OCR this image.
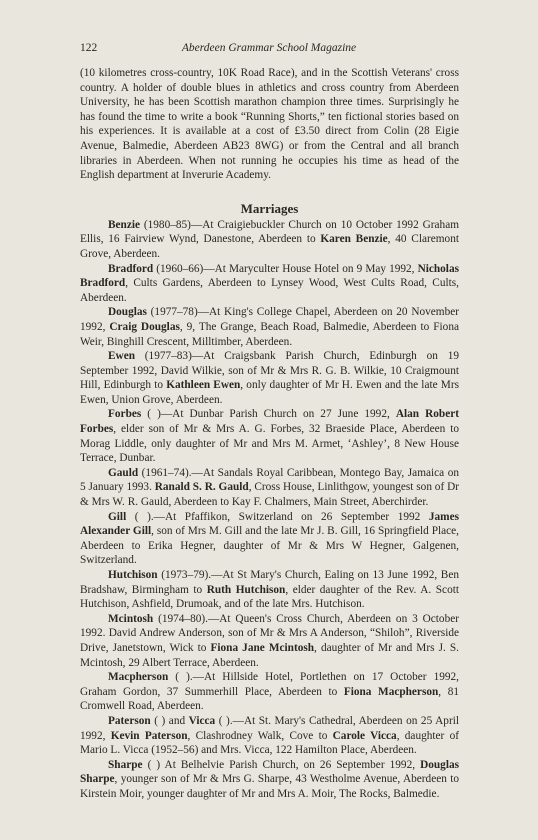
122	Aberdeen Grammar School Magazine

(10 kilometres cross-country, 10K Road Race), and in the Scottish Veterans' cross country. A holder of double blues in athletics and cross country from Aberdeen University, he has been Scottish marathon champion three times. Surprisingly he has found the time to write a book “Running Shorts,” ten fictional stories based on his experiences. It is available at a cost of £3.50 direct from Colin (28 Eigie Avenue, Balmedie, Aberdeen AB23 8WG) or from the Central and all branch libraries in Aberdeen. When not running he occupies his time as head of the English department at Inverurie Academy.

Marriages

Benzie (1980–85)—At Craigiebuckler Church on 10 October 1992 Graham Ellis, 16 Fairview Wynd, Danestone, Aberdeen to Karen Benzie, 40 Claremont Grove, Aberdeen.

Bradford (1960–66)—At Maryculter House Hotel on 9 May 1992, Nicholas Bradford, Cults Gardens, Aberdeen to Lynsey Wood, West Cults Road, Cults, Aberdeen.

Douglas (1977–78)—At King's College Chapel, Aberdeen on 20 November 1992, Craig Douglas, 9, The Grange, Beach Road, Balmedie, Aberdeen to Fiona Weir, Binghill Crescent, Milltimber, Aberdeen.

Ewen (1977–83)—At Craigsbank Parish Church, Edinburgh on 19 September 1992, David Wilkie, son of Mr & Mrs R. G. B. Wilkie, 10 Craigmount Hill, Edinburgh to Kathleen Ewen, only daughter of Mr H. Ewen and the late Mrs Ewen, Union Grove, Aberdeen.

Forbes ( )—At Dunbar Parish Church on 27 June 1992, Alan Robert Forbes, elder son of Mr & Mrs A. G. Forbes, 32 Braeside Place, Aberdeen to Morag Liddle, only daughter of Mr and Mrs M. Armet, ‘Ashley’, 8 New House Terrace, Dunbar.

Gauld (1961–74).—At Sandals Royal Caribbean, Montego Bay, Jamaica on 5 January 1993. Ranald S. R. Gauld, Cross House, Linlithgow, youngest son of Dr & Mrs W. R. Gauld, Aberdeen to Kay F. Chalmers, Main Street, Aberchirder.

Gill ( ).—At Pfaffikon, Switzerland on 26 September 1992 James Alexander Gill, son of Mrs M. Gill and the late Mr J. B. Gill, 16 Springfield Place, Aberdeen to Erika Hegner, daughter of Mr & Mrs W Hegner, Galgenen, Switzerland.

Hutchison (1973–79).—At St Mary's Church, Ealing on 13 June 1992, Ben Bradshaw, Birmingham to Ruth Hutchison, elder daughter of the Rev. A. Scott Hutchison, Ashfield, Drumoak, and of the late Mrs. Hutchison.

Mcintosh (1974–80).—At Queen's Cross Church, Aberdeen on 3 October 1992. David Andrew Anderson, son of Mr & Mrs A Anderson, “Shiloh”, Riverside Drive, Janetstown, Wick to Fiona Jane Mcintosh, daughter of Mr and Mrs J. S. Mcintosh, 29 Albert Terrace, Aberdeen.

Macpherson ( ).—At Hillside Hotel, Portlethen on 17 October 1992, Graham Gordon, 37 Summerhill Place, Aberdeen to Fiona Macpherson, 81 Cromwell Road, Aberdeen.

Paterson ( ) and Vicca ( ).—At St. Mary's Cathedral, Aberdeen on 25 April 1992, Kevin Paterson, Clashrodney Walk, Cove to Carole Vicca, daughter of Mario L. Vicca (1952–56) and Mrs. Vicca, 122 Hamilton Place, Aberdeen.

Sharpe ( ) At Belhelvie Parish Church, on 26 September 1992, Douglas Sharpe, younger son of Mr & Mrs G. Sharpe, 43 Westholme Avenue, Aberdeen to Kirstein Moir, younger daughter of Mr and Mrs A. Moir, The Rocks, Balmedie.
